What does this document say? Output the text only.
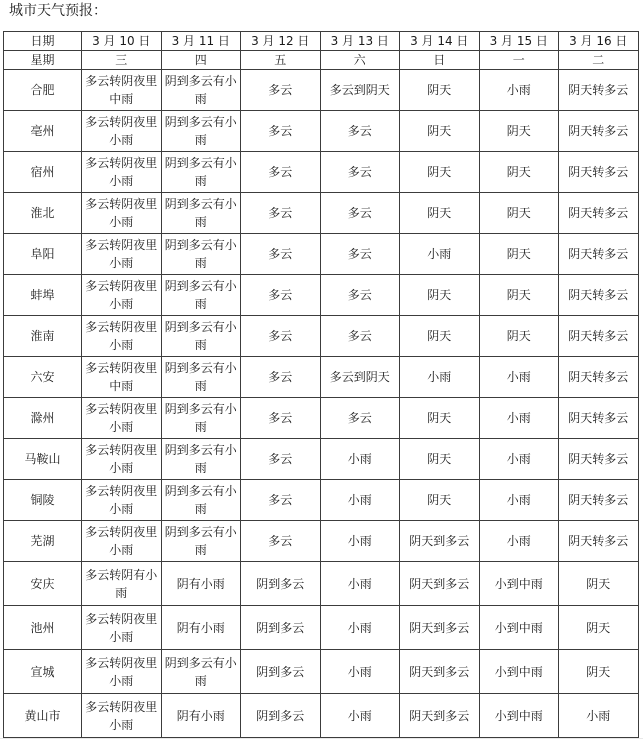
城市天气预报：
日期	3 月 10 日	3 月 11 日	3 月 12 日	3 月 13 日	3 月 14 日	3 月 15 日	3 月 16 日
星期	三	四	五	六	日	一	二
合肥	多云转阴夜里中雨	阴到多云有小雨	多云	多云到阴天	阴天	小雨	阴天转多云
亳州	多云转阴夜里小雨	阴到多云有小雨	多云	多云	阴天	阴天	阴天转多云
宿州	多云转阴夜里小雨	阴到多云有小雨	多云	多云	阴天	阴天	阴天转多云
淮北	多云转阴夜里小雨	阴到多云有小雨	多云	多云	阴天	阴天	阴天转多云
阜阳	多云转阴夜里小雨	阴到多云有小雨	多云	多云	小雨	阴天	阴天转多云
蚌埠	多云转阴夜里小雨	阴到多云有小雨	多云	多云	阴天	阴天	阴天转多云
淮南	多云转阴夜里小雨	阴到多云有小雨	多云	多云	阴天	阴天	阴天转多云
六安	多云转阴夜里中雨	阴到多云有小雨	多云	多云到阴天	小雨	小雨	阴天转多云
滁州	多云转阴夜里小雨	阴到多云有小雨	多云	多云	阴天	小雨	阴天转多云
马鞍山	多云转阴夜里小雨	阴到多云有小雨	多云	小雨	阴天	小雨	阴天转多云
铜陵	多云转阴夜里小雨	阴到多云有小雨	多云	小雨	阴天	小雨	阴天转多云
芜湖	多云转阴夜里小雨	阴到多云有小雨	多云	小雨	阴天到多云	小雨	阴天转多云
安庆	多云转阴有小雨	阴有小雨	阴到多云	小雨	阴天到多云	小到中雨	阴天
池州	多云转阴夜里小雨	阴有小雨	阴到多云	小雨	阴天到多云	小到中雨	阴天
宣城	多云转阴夜里小雨	阴到多云有小雨	阴到多云	小雨	阴天到多云	小到中雨	阴天
黄山市	多云转阴夜里小雨	阴有小雨	阴到多云	小雨	阴天到多云	小到中雨	小雨
